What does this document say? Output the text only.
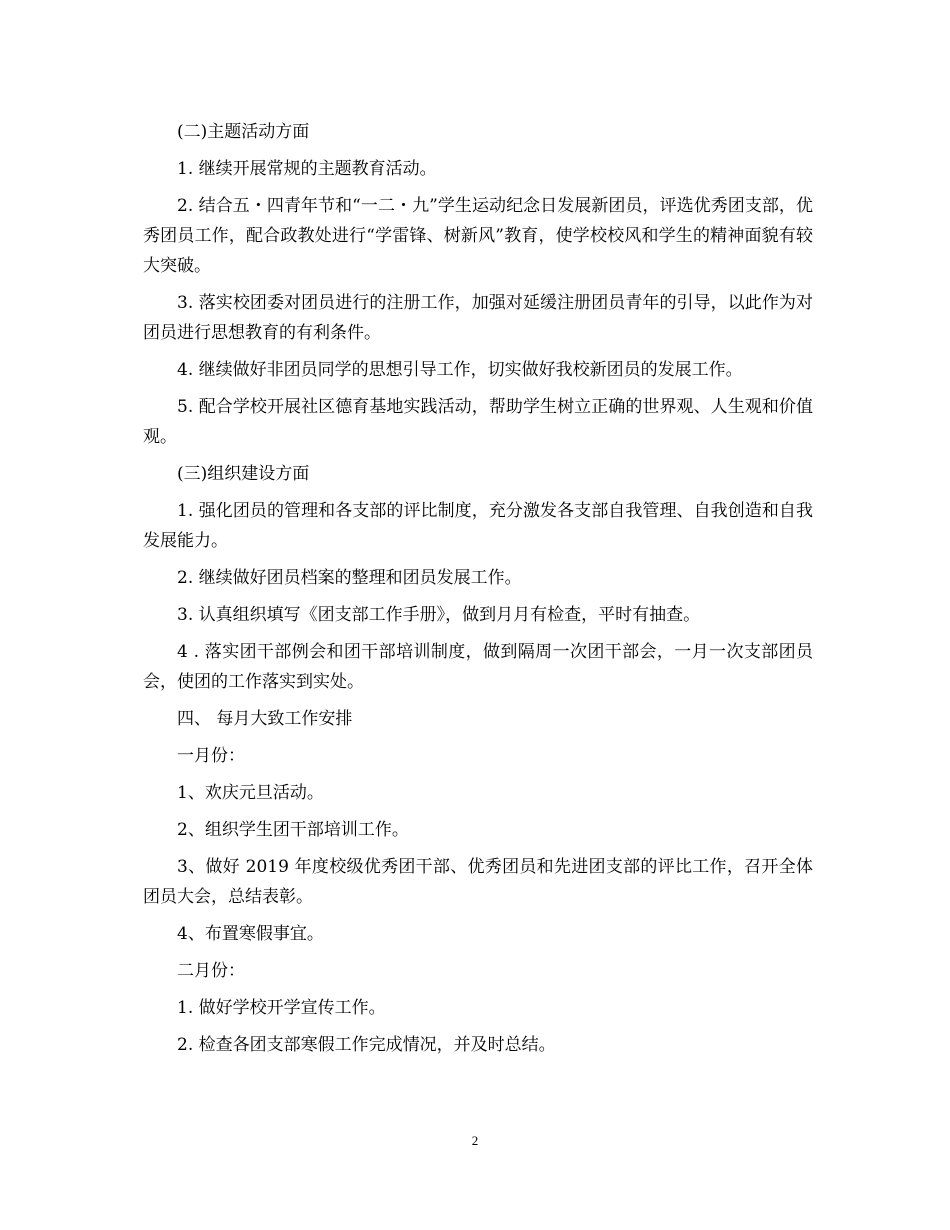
(二)主题活动方面

1. 继续开展常规的主题教育活动。

2. 结合五・四青年节和“一二・九”学生运动纪念日发展新团员，评选优秀团支部，优秀团员工作，配合政教处进行“学雷锋、树新风”教育，使学校校风和学生的精神面貌有较大突破。

3. 落实校团委对团员进行的注册工作，加强对延缓注册团员青年的引导，以此作为对团员进行思想教育的有利条件。

4. 继续做好非团员同学的思想引导工作，切实做好我校新团员的发展工作。

5. 配合学校开展社区德育基地实践活动，帮助学生树立正确的世界观、人生观和价值观。

(三)组织建设方面

1. 强化团员的管理和各支部的评比制度，充分激发各支部自我管理、自我创造和自我发展能力。

2. 继续做好团员档案的整理和团员发展工作。

3. 认真组织填写《团支部工作手册》，做到月月有检查，平时有抽查。

4 . 落实团干部例会和团干部培训制度，做到隔周一次团干部会，一月一次支部团员会，使团的工作落实到实处。

四、 每月大致工作安排

一月份：

1、欢庆元旦活动。

2、组织学生团干部培训工作。

3、做好 2019 年度校级优秀团干部、优秀团员和先进团支部的评比工作，召开全体团员大会，总结表彰。

4、布置寒假事宜。

二月份：

1. 做好学校开学宣传工作。

2. 检查各团支部寒假工作完成情况，并及时总结。

2
